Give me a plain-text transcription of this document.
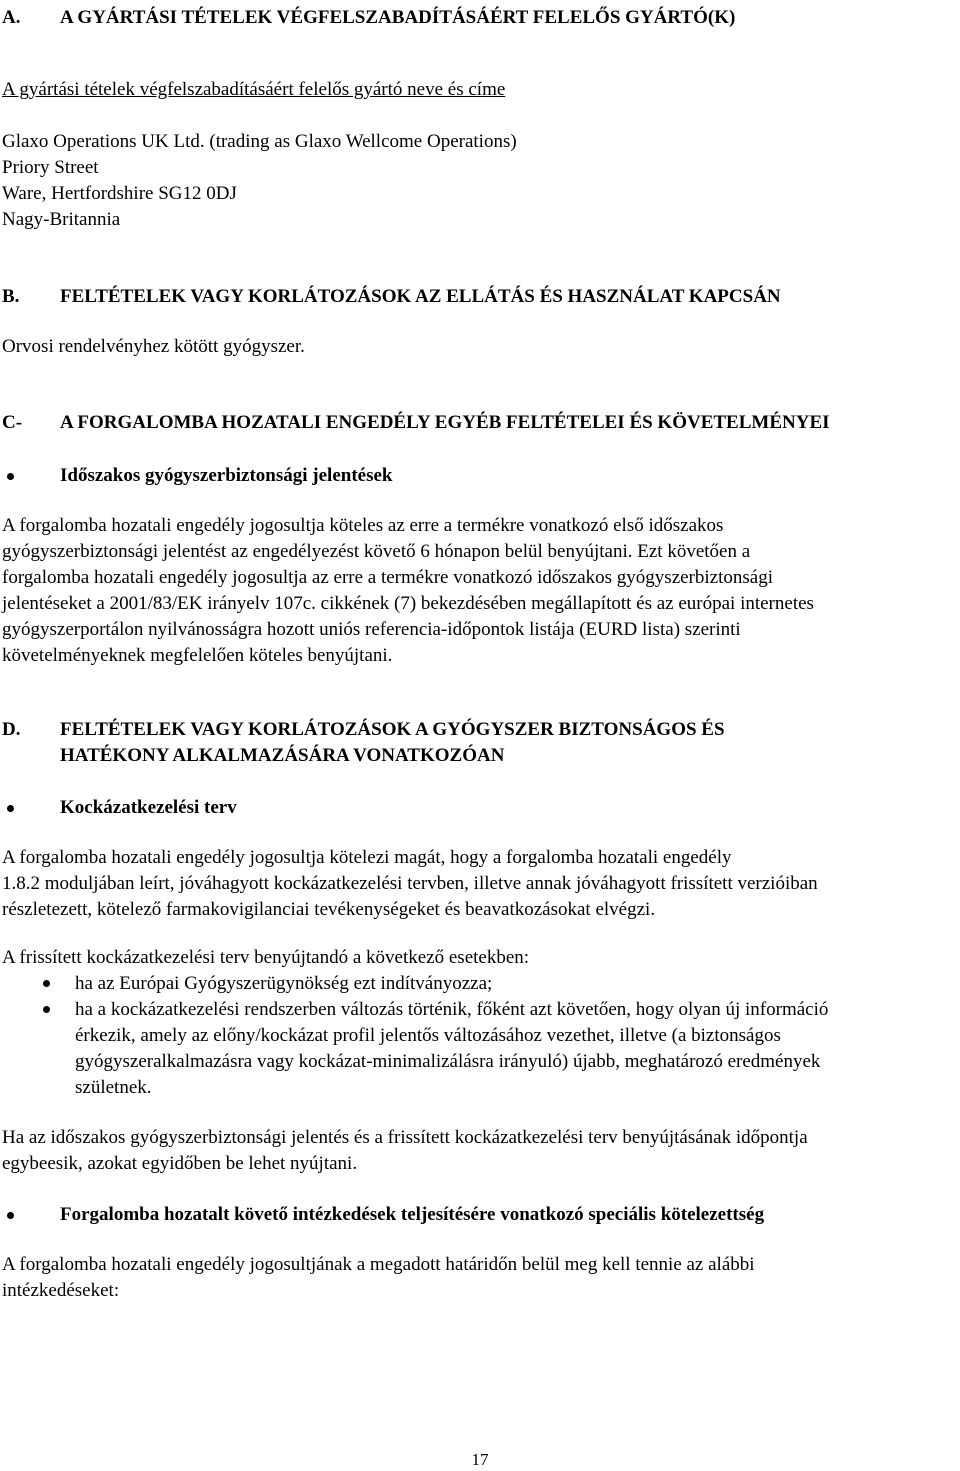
A. A GYÁRTÁSI TÉTELEK VÉGFELSZABADÍTÁSÁÉRT FELELŐS GYÁRTÓ(K)
A gyártási tételek végfelszabadításáért felelős gyártó neve és címe
Glaxo Operations UK Ltd. (trading as Glaxo Wellcome Operations)
Priory Street
Ware, Hertfordshire SG12 0DJ
Nagy-Britannia
B. FELTÉTELEK VAGY KORLÁTOZÁSOK AZ ELLÁTÁS ÉS HASZNÁLAT KAPCSÁN
Orvosi rendelvényhez kötött gyógyszer.
C- A FORGALOMBA HOZATALI ENGEDÉLY EGYÉB FELTÉTELEI ÉS KÖVETELMÉNYEI
Időszakos gyógyszerbiztonsági jelentések
A forgalomba hozatali engedély jogosultja köteles az erre a termékre vonatkozó első időszakos
gyógyszerbiztonsági jelentést az engedélyezést követő 6 hónapon belül benyújtani. Ezt követően a
forgalomba hozatali engedély jogosultja az erre a termékre vonatkozó időszakos gyógyszerbiztonsági
jelentéseket a 2001/83/EK irányelv 107c. cikkének (7) bekezdésében megállapított és az európai internetes
gyógyszerportálon nyilvánosságra hozott uniós referencia-időpontok listája (EURD lista) szerinti
követelményeknek megfelelően köteles benyújtani.
D. FELTÉTELEK VAGY KORLÁTOZÁSOK A GYÓGYSZER BIZTONSÁGOS ÉS
HATÉKONY ALKALMAZÁSÁRA VONATKOZÓAN
Kockázatkezelési terv
A forgalomba hozatali engedély jogosultja kötelezi magát, hogy a forgalomba hozatali engedély
1.8.2 moduljában leírt, jóváhagyott kockázatkezelési tervben, illetve annak jóváhagyott frissített verzióiban
részletezett, kötelező farmakovigilanciai tevékenységeket és beavatkozásokat elvégzi.
A frissített kockázatkezelési terv benyújtandó a következő esetekben:
ha az Európai Gyógyszerügynökség ezt indítványozza;
ha a kockázatkezelési rendszerben változás történik, főként azt követően, hogy olyan új információ
érkezik, amely az előny/kockázat profil jelentős változásához vezethet, illetve (a biztonságos
gyógyszeralkalmazásra vagy kockázat-minimalizálásra irányuló) újabb, meghatározó eredmények
születnek.
Ha az időszakos gyógyszerbiztonsági jelentés és a frissített kockázatkezelési terv benyújtásának időpontja
egybeesik, azokat egyidőben be lehet nyújtani.
Forgalomba hozatalt követő intézkedések teljesítésére vonatkozó speciális kötelezettség
A forgalomba hozatali engedély jogosultjának a megadott határidőn belül meg kell tennie az alábbi
intézkedéseket:
17
